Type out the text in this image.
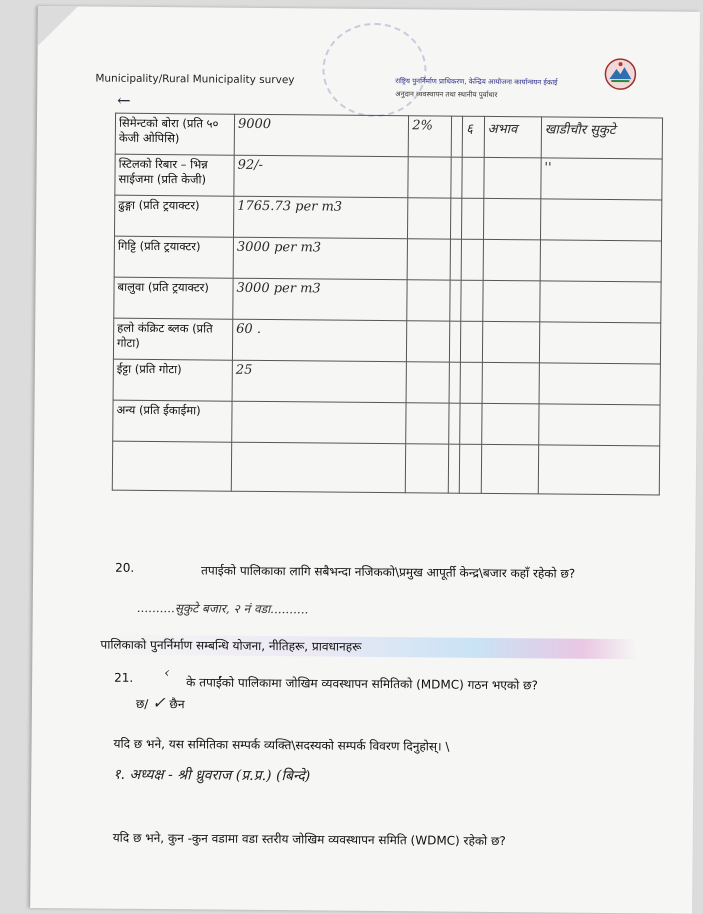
Municipality/Rural Municipality survey
←
राष्ट्रिय पुनर्निर्माण प्राधिकरण, केन्द्रिय आयोजना कार्यान्वयन ईकाई
अनुदान व्यवस्थापन तथा स्थानीय पुर्वाधार
सिमेन्टको बोरा (प्रति ५० केजी ओपिसि)	9000	2%		६	अभाव	खाडीचौर सुकुटे
स्टिलको रिबार – भिन्न साईजमा (प्रति केजी)	92/-					''
ढुङ्गा (प्रति ट्रयाक्टर)	1765.73 per m3					
गिट्टि (प्रति ट्रयाक्टर)	3000 per m3					
बालुवा (प्रति ट्रयाक्टर)	3000 per m3					
हलो कंक्रिट ब्लक (प्रति गोटा)	60 .					
ईट्टा (प्रति गोटा)	25					
अन्य (प्रति ईकाईमा)						

20.	तपाईको पालिकाका लागि सबैभन्दा नजिकको\प्रमुख आपूर्ती केन्द्र\बजार कहाँ रहेको छ?
..........सुकुटे बजार, २ नं वडा..........
पालिकाको पुनर्निर्माण सम्बन्धि योजना, नीतिहरू, प्रावधानहरू
21. ‹
के तपाईंको पालिकामा जोखिम व्यवस्थापन समितिको (MDMC) गठन भएको छ?
छ/ ✓ छैन
यदि छ भने, यस समितिका सम्पर्क व्यक्ति\सदस्यको सम्पर्क विवरण दिनुहोस्। \
१. अध्यक्ष - श्री ध्रुवराज (प्र.प्र.) (बिन्दे)
यदि छ भने, कुन -कुन वडामा वडा स्तरीय जोखिम व्यवस्थापन समिति (WDMC) रहेको छ?
